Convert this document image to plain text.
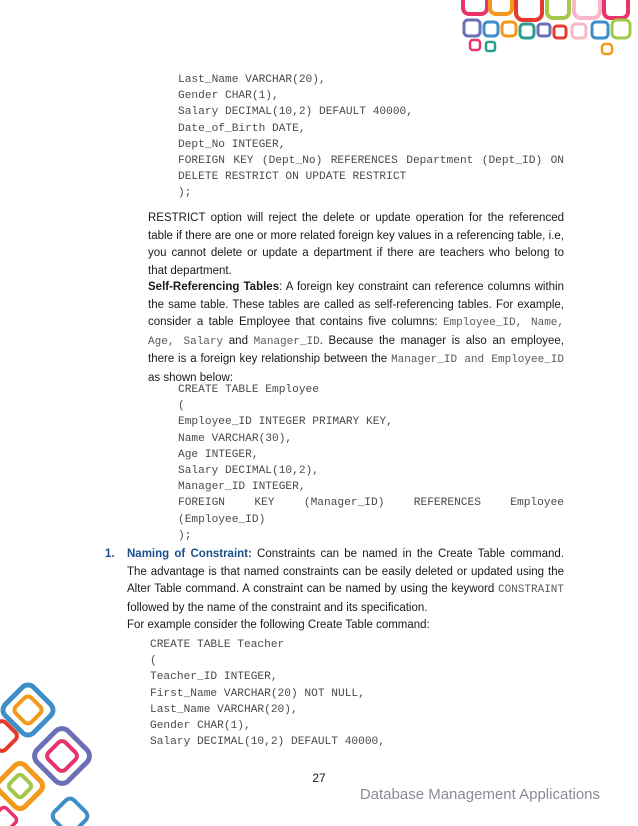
Last_Name VARCHAR(20),
Gender CHAR(1),
Salary DECIMAL(10,2) DEFAULT 40000,
Date_of_Birth DATE,
Dept_No INTEGER,
FOREIGN KEY (Dept_No) REFERENCES Department (Dept_ID) ON
DELETE RESTRICT ON UPDATE RESTRICT
);
RESTRICT option will reject the delete or update operation for the referenced table if there are one or more related foreign key values in a referencing table, i.e, you cannot delete or update a department if there are teachers who belong to that department.
Self-Referencing Tables: A foreign key constraint can reference columns within the same table. These tables are called as self-referencing tables. For example, consider a table Employee that contains five columns: Employee_ID, Name, Age, Salary and Manager_ID. Because the manager is also an employee, there is a foreign key relationship between the Manager_ID and Employee_ID as shown below:
CREATE TABLE Employee
(
Employee_ID INTEGER PRIMARY KEY,
Name VARCHAR(30),
Age INTEGER,
Salary DECIMAL(10,2),
Manager_ID INTEGER,
FOREIGN KEY (Manager_ID) REFERENCES Employee
(Employee_ID)
);
1. Naming of Constraint: Constraints can be named in the Create Table command. The advantage is that named constraints can be easily deleted or updated using the Alter Table command. A constraint can be named by using the keyword CONSTRAINT followed by the name of the constraint and its specification.
For example consider the following Create Table command:
CREATE TABLE Teacher
(
Teacher_ID INTEGER,
First_Name VARCHAR(20) NOT NULL,
Last_Name VARCHAR(20),
Gender CHAR(1),
Salary DECIMAL(10,2) DEFAULT 40000,
27
Database Management Applications
